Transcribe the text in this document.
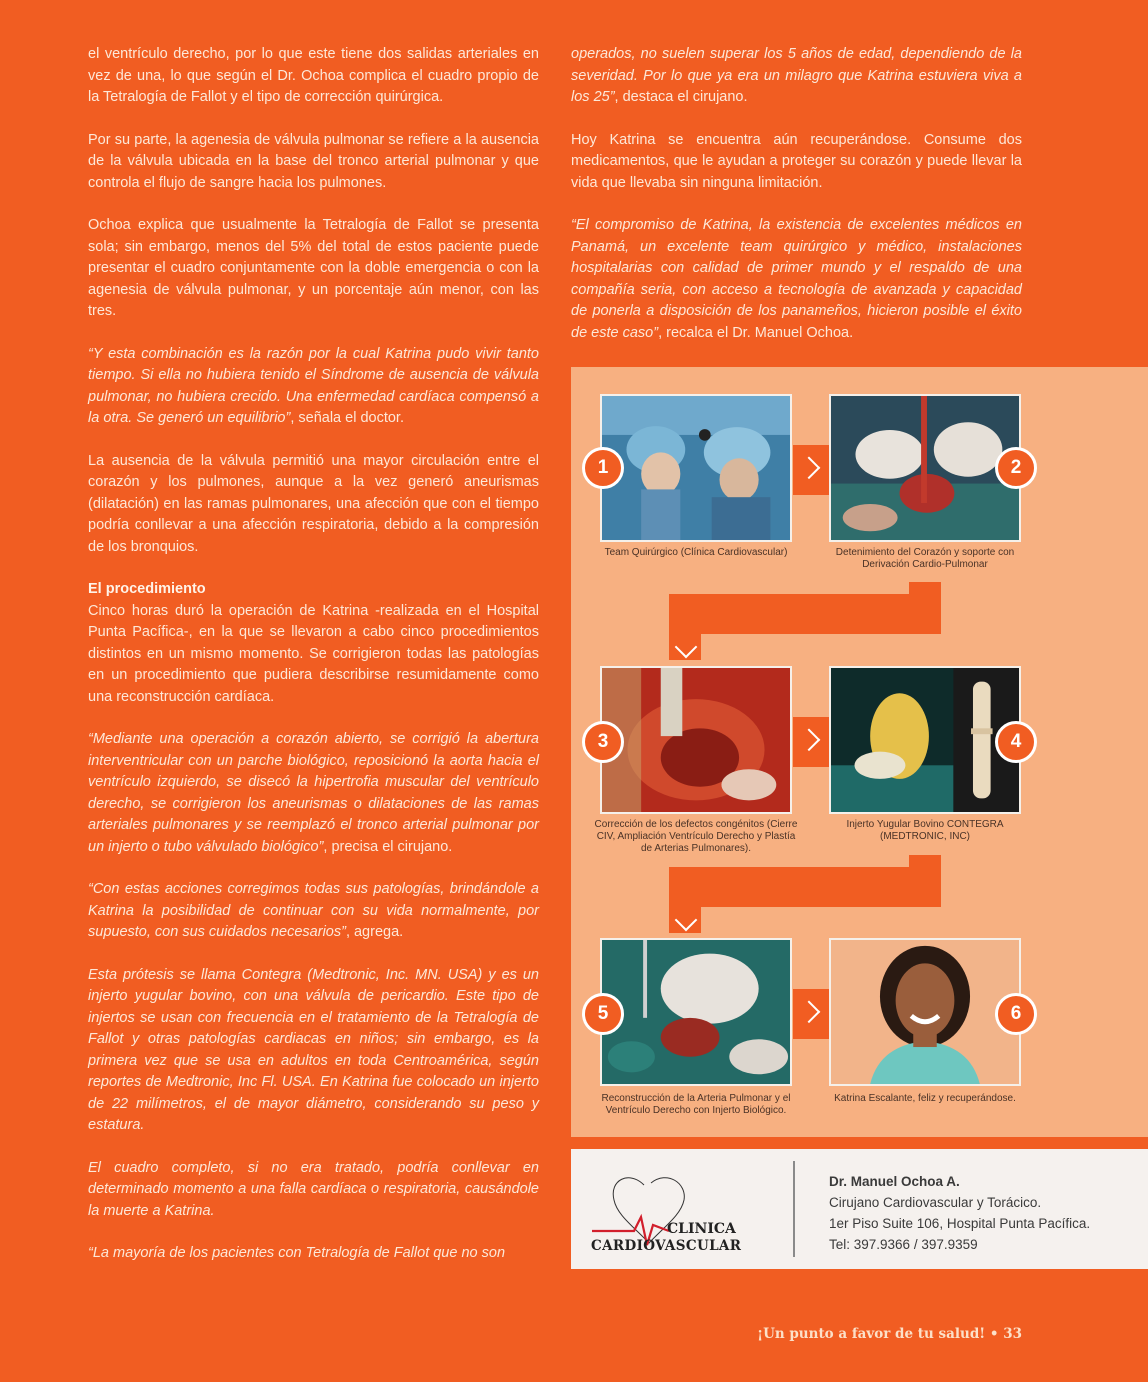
el ventrículo derecho, por lo que este tiene dos salidas arteriales en vez de una, lo que según el Dr. Ochoa complica el cuadro propio de la Tetralogía de Fallot y el tipo de corrección quirúrgica.

Por su parte, la agenesia de válvula pulmonar se refiere a la ausencia de la válvula ubicada en la base del tronco arterial pulmonar y que controla el flujo de sangre hacia los pulmones.

Ochoa explica que usualmente la Tetralogía de Fallot se presenta sola; sin embargo, menos del 5% del total de estos paciente puede presentar el cuadro conjuntamente con la doble emergencia o con la agenesia de válvula pulmonar, y un porcentaje aún menor, con las tres.

“Y esta combinación es la razón por la cual Katrina pudo vivir tanto tiempo. Si ella no hubiera tenido el Síndrome de ausencia de válvula pulmonar, no hubiera crecido. Una enfermedad cardíaca compensó a la otra. Se generó un equilibrio”, señala el doctor.

La ausencia de la válvula permitió una mayor circulación entre el corazón y los pulmones, aunque a la vez generó aneurismas (dilatación) en las ramas pulmonares, una afección que con el tiempo podría conllevar a una afección respiratoria, debido a la compresión de los bronquios.

El procedimiento

Cinco horas duró la operación de Katrina -realizada en el Hospital Punta Pacífica-, en la que se llevaron a cabo cinco procedimientos distintos en un mismo momento. Se corrigieron todas las patologías en un procedimiento que pudiera describirse resumidamente como una reconstrucción cardíaca.

“Mediante una operación a corazón abierto, se corrigió la abertura interventricular con un parche biológico, reposicionó la aorta hacia el ventrículo izquierdo, se disecó la hipertrofia muscular del ventrículo derecho, se corrigieron los aneurismas o dilataciones de las ramas arteriales pulmonares y se reemplazó el tronco arterial pulmonar por un injerto o tubo válvulado biológico”, precisa el cirujano.

“Con estas acciones corregimos todas sus patologías, brindándole a Katrina la posibilidad de continuar con su vida normalmente, por supuesto, con sus cuidados necesarios”, agrega.

Esta prótesis se llama Contegra (Medtronic, Inc. MN. USA) y es un injerto yugular bovino, con una válvula de pericardio. Este tipo de injertos se usan con frecuencia en el tratamiento de la Tetralogía de Fallot y otras patologías cardiacas en niños; sin embargo, es la primera vez que se usa en adultos en toda Centroamérica, según reportes de Medtronic, Inc Fl. USA. En Katrina fue colocado un injerto de 22 milímetros, el de mayor diámetro, considerando su peso y estatura.

El cuadro completo, si no era tratado, podría conllevar en determinado momento a una falla cardíaca o respiratoria, causándole la muerte a Katrina.

“La mayoría de los pacientes con Tetralogía de Fallot que no son

operados, no suelen superar los 5 años de edad, dependiendo de la severidad. Por lo que ya era un milagro que Katrina estuviera viva a los 25”, destaca el cirujano.

Hoy Katrina se encuentra aún recuperándose. Consume dos medicamentos, que le ayudan a proteger su corazón y puede llevar la vida que llevaba sin ninguna limitación.

“El compromiso de Katrina, la existencia de excelentes médicos en Panamá, un excelente team quirúrgico y médico, instalaciones hospitalarias con calidad de primer mundo y el respaldo de una compañía seria, con acceso a tecnología de avanzada y capacidad de ponerla a disposición de los panameños, hicieron posible el éxito de este caso”, recalca el Dr. Manuel Ochoa.

1	2
Team Quirúrgico (Clínica Cardiovascular)	Detenimiento del Corazón y soporte con Derivación Cardio-Pulmonar
3	4
Corrección de los defectos congénitos (Cierre CIV, Ampliación Ventrículo Derecho y Plastía de Arterias Pulmonares).
Injerto Yugular Bovino CONTEGRA (MEDTRONIC, INC)
5	6
Reconstrucción de la Arteria Pulmonar y el Ventrículo Derecho con Injerto Biológico.
Katrina Escalante, feliz y recuperándose.
CLINICA
CARDIOVASCULAR
Dr. Manuel Ochoa A.
Cirujano Cardiovascular y Torácico.
1er Piso Suite 106, Hospital Punta Pacífica.
Tel: 397.9366 / 397.9359
¡Un punto a favor de tu salud! • 33
